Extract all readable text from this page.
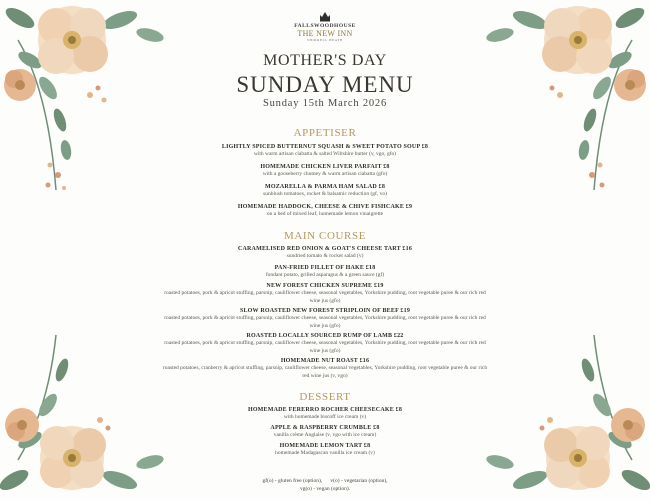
FALLSWOODHOUSE
THE NEW INN
SHIRRELL HEATH
MOTHER'S DAY
SUNDAY MENU
Sunday 15th March 2026
APPETISER
LIGHTLY SPICED BUTTERNUT SQUASH & SWEET POTATO SOUP £8
with warm artisan ciabatta & salted Wiltshire butter (v, vgo, gfo)
HOMEMADE CHICKEN LIVER PARFAIT £8
with a gooseberry chutney & warm artisan ciabatta (gfo)
MOZARELLA & PARMA HAM SALAD £8
sunblush tomatoes, rocket & balsamic reduction (gf, vo)
HOMEMADE HADDOCK, CHEESE & CHIVE FISHCAKE £9
on a bed of mixed leaf, homemade lemon vinaigrette
MAIN COURSE
CARAMELISED RED ONION & GOAT'S CHEESE TART £16
sundried tomato & rocket salad (v)
PAN-FRIED FILLET OF HAKE £18
fondant potato, grilled asparagus & a green sauce (gf)
NEW FOREST CHICKEN SUPREME £19
roasted potatoes, pork & apricot stuffing, parsnip, cauliflower cheese, seasonal vegetables, Yorkshire pudding, root vegetable puree & our rich red wine jus (gfo)
SLOW ROASTED NEW FOREST STRIPLOIN OF BEEF £19
roasted potatoes, pork & apricot stuffing, parsnip, cauliflower cheese, seasonal vegetables, Yorkshire pudding, root vegetable puree & our rich red wine jus (gfo)
ROASTED LOCALLY SOURCED RUMP OF LAMB £22
roasted potatoes, pork & apricot stuffing, parsnip, cauliflower cheese, seasonal vegetables, Yorkshire pudding, root vegetable puree & our rich red wine jus (gfo)
HOMEMADE NUT ROAST £16
roasted potatoes, cranberry & apricot stuffing, parsnip, cauliflower cheese, seasonal vegetables, Yorkshire pudding, root vegetable puree & our rich red wine jus (v, vgo)
DESSERT
HOMEMADE FERERRO ROCHER CHEESECAKE £8
with homemade biscoff ice cream (v)
APPLE & RASPBERRY CRUMBLE £8
vanilla crème Anglaise (v, vgo with ice cream)
HOMEMADE LEMON TART £8
homemade Madagascan vanilla ice cream (v)
gf(o) - gluten free (option),      v(o) - vegetarian (option),
vg(o) - vegan (option).
